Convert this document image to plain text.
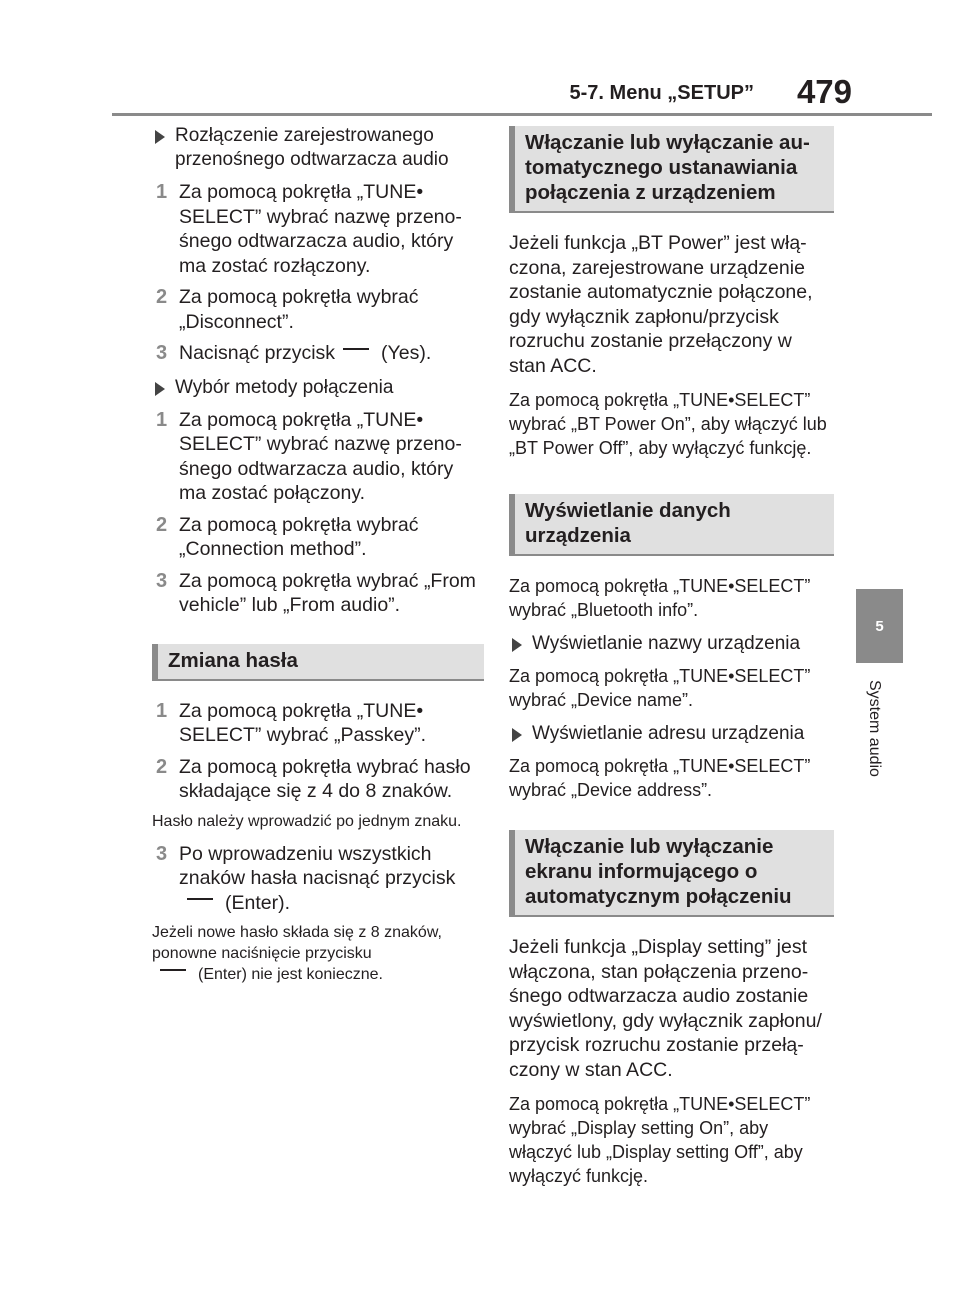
5-7. Menu „SETUP” 479
5
System audio
Rozłączenie zarejestrowanego przenośnego odtwarzacza audio
1 Za pomocą pokrętła „TUNE• SELECT” wybrać nazwę przenośnego odtwarzacza audio, który ma zostać rozłączony.
2 Za pomocą pokrętła wybrać „Disconnect”.
3 Nacisnąć przycisk (Yes).
Wybór metody połączenia
1 Za pomocą pokrętła „TUNE• SELECT” wybrać nazwę przenośnego odtwarzacza audio, który ma zostać połączony.
2 Za pomocą pokrętła wybrać „Connection method”.
3 Za pomocą pokrętła wybrać „From vehicle” lub „From audio”.
Zmiana hasła
1 Za pomocą pokrętła „TUNE• SELECT” wybrać „Passkey”.
2 Za pomocą pokrętła wybrać hasło składające się z 4 do 8 znaków.
Hasło należy wprowadzić po jednym znaku.
3 Po wprowadzeniu wszystkich znaków hasła nacisnąć przycisk
(Enter).
Jeżeli nowe hasło składa się z 8 znaków, ponowne naciśnięcie przycisku
(Enter) nie jest konieczne.
Włączanie lub wyłączanie automatycznego ustanawiania połączenia z urządzeniem
Jeżeli funkcja „BT Power” jest włączona, zarejestrowane urządzenie zostanie automatycznie połączone, gdy wyłącznik zapłonu/przycisk rozruchu zostanie przełączony w stan ACC.
Za pomocą pokrętła „TUNE•SELECT” wybrać „BT Power On”, aby włączyć lub „BT Power Off”, aby wyłączyć funkcję.
Wyświetlanie danych urządzenia
Za pomocą pokrętła „TUNE•SELECT” wybrać „Bluetooth info”.
Wyświetlanie nazwy urządzenia
Za pomocą pokrętła „TUNE•SELECT” wybrać „Device name”.
Wyświetlanie adresu urządzenia
Za pomocą pokrętła „TUNE•SELECT” wybrać „Device address”.
Włączanie lub wyłączanie ekranu informującego o automatycznym połączeniu
Jeżeli funkcja „Display setting” jest włączona, stan połączenia przenośnego odtwarzacza audio zostanie wyświetlony, gdy wyłącznik zapłonu/ przycisk rozruchu zostanie przełączony w stan ACC.
Za pomocą pokrętła „TUNE•SELECT” wybrać „Display setting On”, aby włączyć lub „Display setting Off”, aby wyłączyć funkcję.
